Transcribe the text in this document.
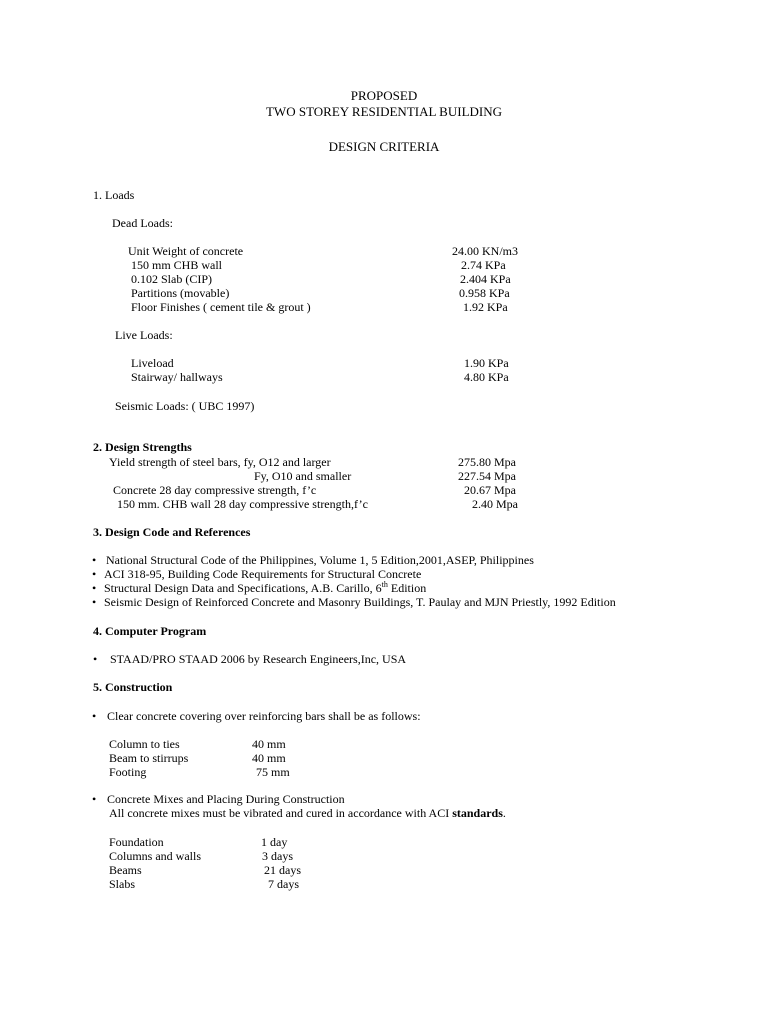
PROPOSED
TWO STOREY RESIDENTIAL BUILDING
DESIGN CRITERIA
1. Loads
Dead Loads:
Unit Weight of concrete	24.00 KN/m3
150 mm CHB wall	2.74 KPa
0.102 Slab (CIP)	2.404 KPa
Partitions (movable)	0.958 KPa
Floor Finishes ( cement tile & grout )	1.92 KPa
Live Loads:
Liveload	1.90 KPa
Stairway/ hallways	4.80 KPa
Seismic Loads: ( UBC 1997)
2. Design Strengths
Yield strength of steel bars, fy, O12 and larger	275.80 Mpa
Fy, O10 and smaller	227.54 Mpa
Concrete 28 day compressive strength, f’c	20.67 Mpa
150 mm. CHB wall 28 day compressive strength,f’c	2.40 Mpa
3. Design Code and References
• National Structural Code of the Philippines, Volume 1, 5 Edition,2001,ASEP, Philippines
• ACI 318-95, Building Code Requirements for Structural Concrete
• Structural Design Data and Specifications, A.B. Carillo, 6th Edition
• Seismic Design of Reinforced Concrete and Masonry Buildings, T. Paulay and MJN Priestly, 1992 Edition
4. Computer Program
• STAAD/PRO STAAD 2006 by Research Engineers,Inc, USA
5. Construction
• Clear concrete covering over reinforcing bars shall be as follows:
Column to ties	40 mm
Beam to stirrups	40 mm
Footing	75 mm
• Concrete Mixes and Placing During Construction
All concrete mixes must be vibrated and cured in accordance with ACI standards.
Foundation	1 day
Columns and walls	3 days
Beams	21 days
Slabs	7 days
